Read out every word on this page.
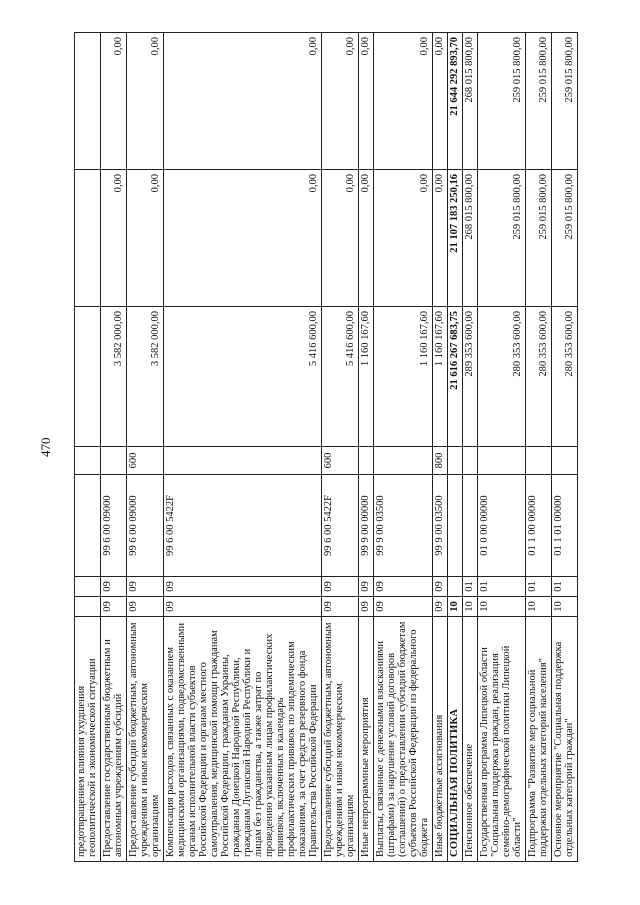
470
предотвращением влияния ухудшения геополитической и экономической ситуации							
Предоставление государственным бюджетным и автономным учреждениям субсидий	09	09	99 6 00 09000		3 582 000,00	0,00	0,00
Предоставление субсидий бюджетным, автономным учреждениям и иным некоммерческим организациям	09	09	99 6 00 09000	600	3 582 000,00	0,00	0,00
Компенсация расходов, связанных с оказанием медицинскими организациями, подведомственными органам исполнительной власти субъектов Российской Федерации и органам местного самоуправления, медицинской помощи гражданам Российской Федерации, гражданам Украины, гражданам Донецкой Народной Республики, гражданам Луганской Народной Республики и лицам без гражданства, а также затрат по проведению указанным лицам профилактических прививок, включенных в календарь профилактических прививок по эпидемическим показаниям, за счет средств резервного фонда Правительства Российской Федерации	09	09	99 6 00 5422F		5 416 600,00	0,00	0,00
Предоставление субсидий бюджетным, автономным учреждениям и иным некоммерческим организациям	09	09	99 6 00 5422F	600	5 416 600,00	0,00	0,00
Иные непрограммные мероприятия	09	09	99 9 00 00000		1 160 167,60	0,00	0,00
Выплаты, связанные с денежными взысканиями (штрафами) за нарушение условий договоров (соглашений) о предоставлении субсидий бюджетам субъектов Российской Федерации из федерального бюджета	09	09	99 9 00 03500		1 160 167,60	0,00	0,00
Иные бюджетные ассигнования	09	09	99 9 00 03500	800	1 160 167,60	0,00	0,00
СОЦИАЛЬНАЯ ПОЛИТИКА	10				21 616 267 683,75	21 107 183 250,16	21 644 292 893,70
Пенсионное обеспечение	10	01			289 353 600,00	268 015 800,00	268 015 800,00
Государственная программа Липецкой области "Социальная поддержка граждан, реализация семейно-демографической политики Липецкой области"	10	01	01 0 00 00000		280 353 600,00	259 015 800,00	259 015 800,00
Подпрограмма "Развитие мер социальной поддержки отдельных категорий населения"	10	01	01 1 00 00000		280 353 600,00	259 015 800,00	259 015 800,00
Основное мероприятие "Социальная поддержка отдельных категорий граждан"	10	01	01 1 01 00000		280 353 600,00	259 015 800,00	259 015 800,00
